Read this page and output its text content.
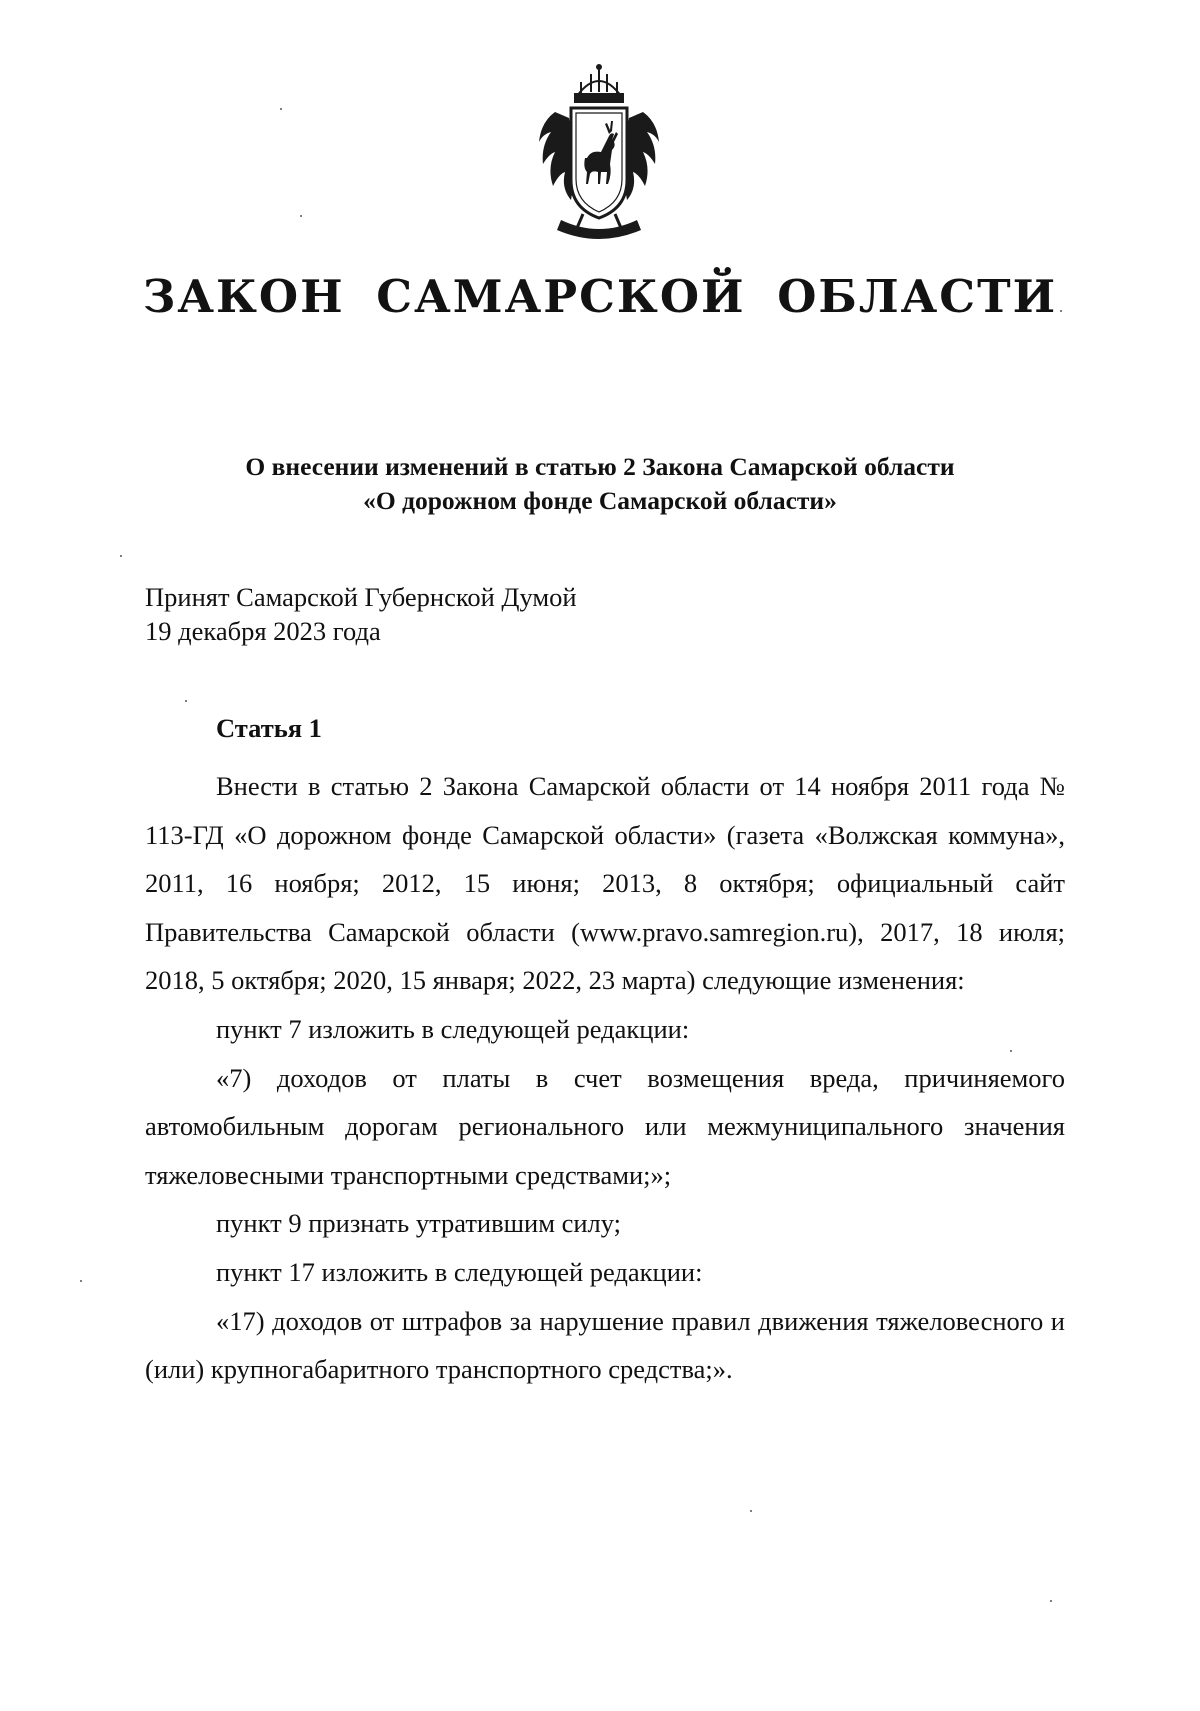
ЗАКОН САМАРСКОЙ ОБЛАСТИ
О внесении изменений в статью 2 Закона Самарской области
«О дорожном фонде Самарской области»
Принят Самарской Губернской Думой
19 декабря 2023 года
Статья 1

Внести в статью 2 Закона Самарской области от 14 ноября 2011 года № 113-ГД «О дорожном фонде Самарской области» (газета «Волжская коммуна», 2011, 16 ноября; 2012, 15 июня; 2013, 8 октября; официальный сайт Правительства Самарской области (www.pravo.samregion.ru), 2017, 18 июля; 2018, 5 октября; 2020, 15 января; 2022, 23 марта) следующие изменения:

пункт 7 изложить в следующей редакции:

«7) доходов от платы в счет возмещения вреда, причиняемого автомобильным дорогам регионального или межмуниципального значения тяжеловесными транспортными средствами;»;

пункт 9 признать утратившим силу;

пункт 17 изложить в следующей редакции:

«17) доходов от штрафов за нарушение правил движения тяжеловесного и (или) крупногабаритного транспортного средства;».
